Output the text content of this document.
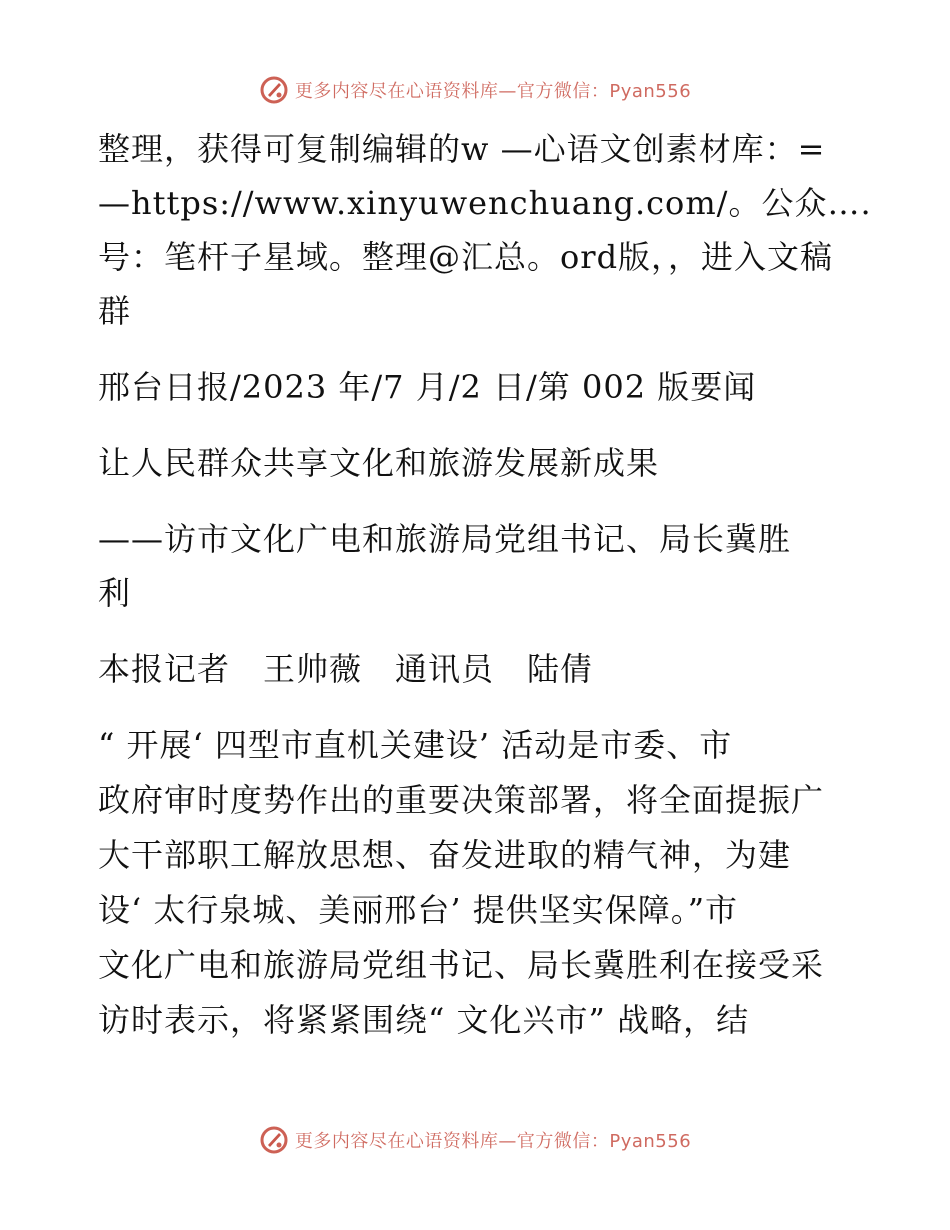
更多内容尽在心语资料库—官方微信：Pyan556
整理，获得可复制编辑的w —心语文创素材库：=
—https://www.xinyuwenchuang.com/。公众….
号：笔杆子星域。整理@汇总。ord版，，进入文稿
群
邢台日报/2023 年/7 月/2 日/第 002 版要闻
让人民群众共享文化和旅游发展新成果
——访市文化广电和旅游局党组书记、局长冀胜
利
本报记者　王帅薇　通讯员　陆倩
“ 开展‘ 四型市直机关建设’ 活动是市委、市
政府审时度势作出的重要决策部署，将全面提振广
大干部职工解放思想、奋发进取的精气神，为建
设‘ 太行泉城、美丽邢台’ 提供坚实保障。”市
文化广电和旅游局党组书记、局长冀胜利在接受采
访时表示，将紧紧围绕“ 文化兴市” 战略，结
更多内容尽在心语资料库—官方微信：Pyan556
